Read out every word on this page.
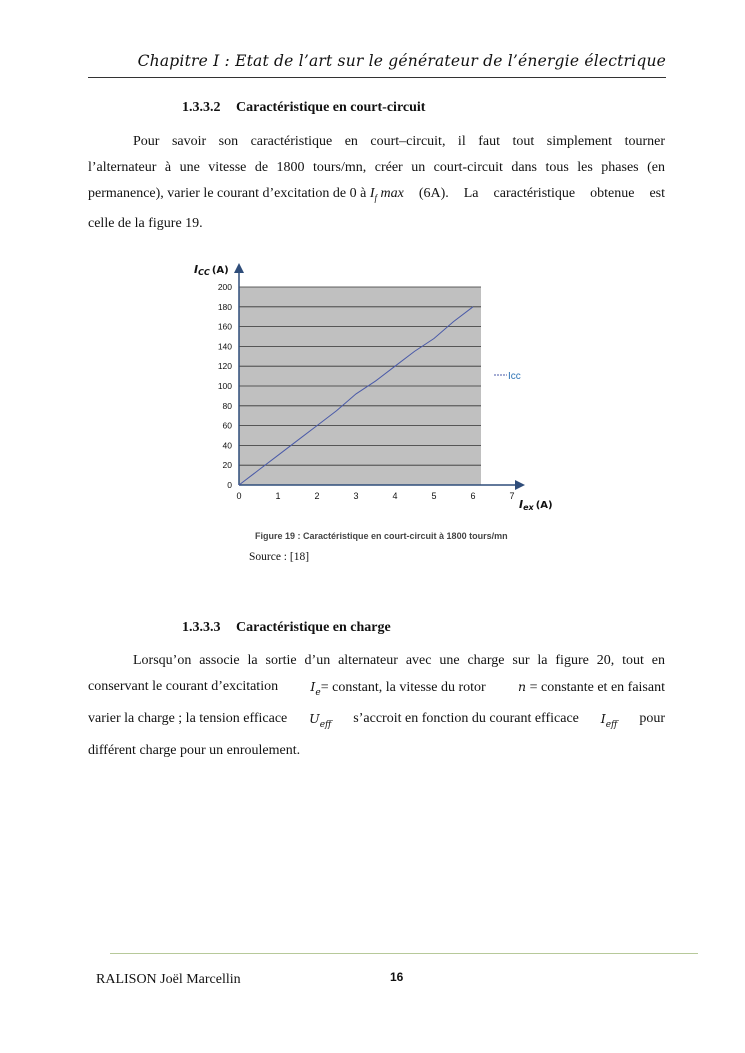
Chapitre I : Etat de l’art sur le générateur de l’énergie électrique
1.3.3.2 Caractéristique en court-circuit
Pour savoir son caractéristique en court–circuit, il faut tout simplement tourner
l’alternateur à une vitesse de 1800 tours/mn, créer un court-circuit dans tous les phases (en
permanence), varier le courant d’excitation de 0 à $I_f$ max (6A). La caractéristique obtenue est
celle de la figure 19.
0
20
40
60
80
100
120
140
160
180
200
0	1	2	3	4	5	6	7
Icc
ICC (A)
Iex (A)
Figure 19 : Caractéristique en court-circuit à 1800 tours/mn
Source : [18]
1.3.3.3 Caractéristique en charge
Lorsqu’on associe la sortie d’un alternateur avec une charge sur la figure 20, tout en
conservant le courant d’excitation	$I_e=$ constant, la vitesse du rotor	n = constante et en faisant
varier la charge ; la tension efficace $U_{eff}$ s’accroit en fonction du courant efficace $I_{eff}$ pour
différent charge pour un enroulement.
RALISON Joël Marcellin	16
